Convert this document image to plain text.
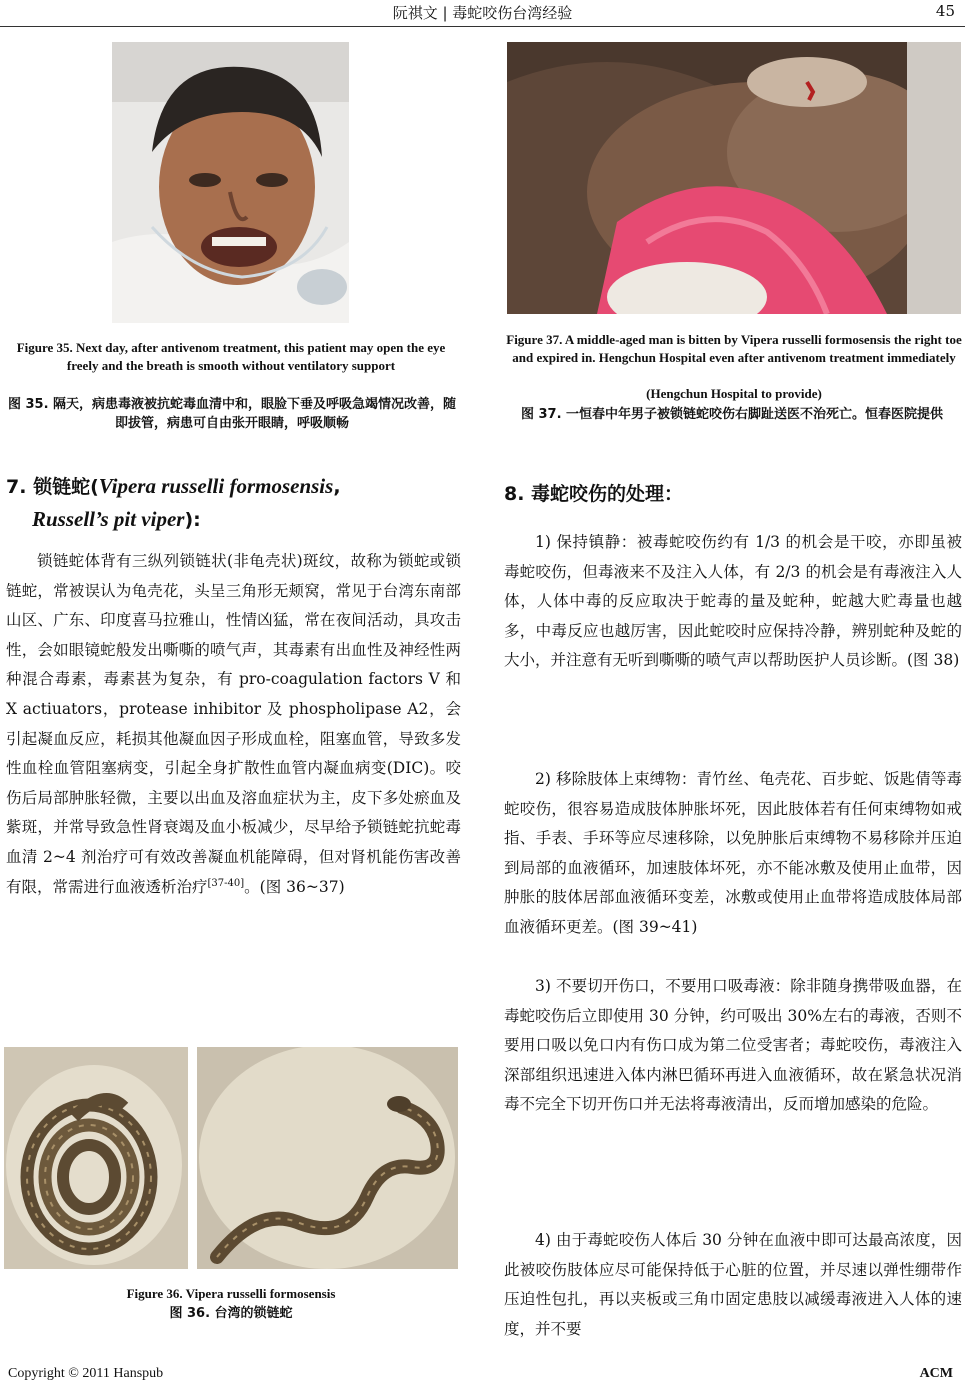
阮祺文 | 毒蛇咬伤台湾经验	45
Figure 35. Next day, after antivenom treatment, this patient may open the eye freely and the breath is smooth without ventilatory support
图 35. 隔天，病患毒液被抗蛇毒血清中和，眼脸下垂及呼吸急竭情况改善，随即拔管，病患可自由张开眼睛，呼吸顺畅
Figure 37. A middle-aged man is bitten by Vipera russelli formosensis the right toe and expired in. Hengchun Hospital even after antivenom treatment immediately
(Hengchun Hospital to provide)
图 37. 一恒春中年男子被锁链蛇咬伤右脚趾送医不治死亡。恒春医院提供
7. 锁链蛇(Vipera russelli formosensis,
Russell’s pit viper):
锁链蛇体背有三纵列锁链状(非龟壳状)斑纹，故称为锁蛇或锁链蛇，常被误认为龟壳花，头呈三角形无颊窝，常见于台湾东南部山区、广东、印度喜马拉雅山，性情凶猛，常在夜间活动，具攻击性，会如眼镜蛇般发出嘶嘶的喷气声，其毒素有出血性及神经性两种混合毒素，毒素甚为复杂，有 pro-coagulation factors V 和 X actiuators，protease inhibitor 及 phospholipase A2，会引起凝血反应，耗损其他凝血因子形成血栓，阻塞血管，导致多发性血栓血管阻塞病变，引起全身扩散性血管内凝血病变(DIC)。咬伤后局部肿胀轻微，主要以出血及溶血症状为主，皮下多处瘀血及紫斑，并常导致急性肾衰竭及血小板减少，尽早给予锁链蛇抗蛇毒血清 2~4 剂治疗可有效改善凝血机能障碍，但对肾机能伤害改善有限，常需进行血液透析治疗[37-40]。(图 36~37)
Figure 36. Vipera russelli formosensis
图 36. 台湾的锁链蛇
8. 毒蛇咬伤的处理：
1) 保持镇静：被毒蛇咬伤约有 1/3 的机会是干咬，亦即虽被毒蛇咬伤，但毒液来不及注入人体，有 2/3 的机会是有毒液注入人体，人体中毒的反应取决于蛇毒的量及蛇种，蛇越大贮毒量也越多，中毒反应也越厉害，因此蛇咬时应保持冷静，辨别蛇种及蛇的大小，并注意有无听到嘶嘶的喷气声以帮助医护人员诊断。(图 38)
2) 移除肢体上束缚物：青竹丝、龟壳花、百步蛇、饭匙倩等毒蛇咬伤，很容易造成肢体肿胀坏死，因此肢体若有任何束缚物如戒指、手表、手环等应尽速移除，以免肿胀后束缚物不易移除并压迫到局部的血液循环，加速肢体坏死，亦不能冰敷及使用止血带，因肿胀的肢体居部血液循环变差，冰敷或使用止血带将造成肢体局部血液循环更差。(图 39~41)
3) 不要切开伤口，不要用口吸毒液：除非随身携带吸血器，在毒蛇咬伤后立即使用 30 分钟，约可吸出 30%左右的毒液，否则不要用口吸以免口内有伤口成为第二位受害者；毒蛇咬伤，毒液注入深部组织迅速进入体内淋巴循环再进入血液循环，故在紧急状况消毒不完全下切开伤口并无法将毒液清出，反而增加感染的危险。
4) 由于毒蛇咬伤人体后 30 分钟在血液中即可达最高浓度，因此被咬伤肢体应尽可能保持低于心脏的位置，并尽速以弹性绷带作压迫性包扎，再以夹板或三角巾固定患肢以减缓毒液进入人体的速度，并不要
Copyright © 2011 Hanspub	ACM
